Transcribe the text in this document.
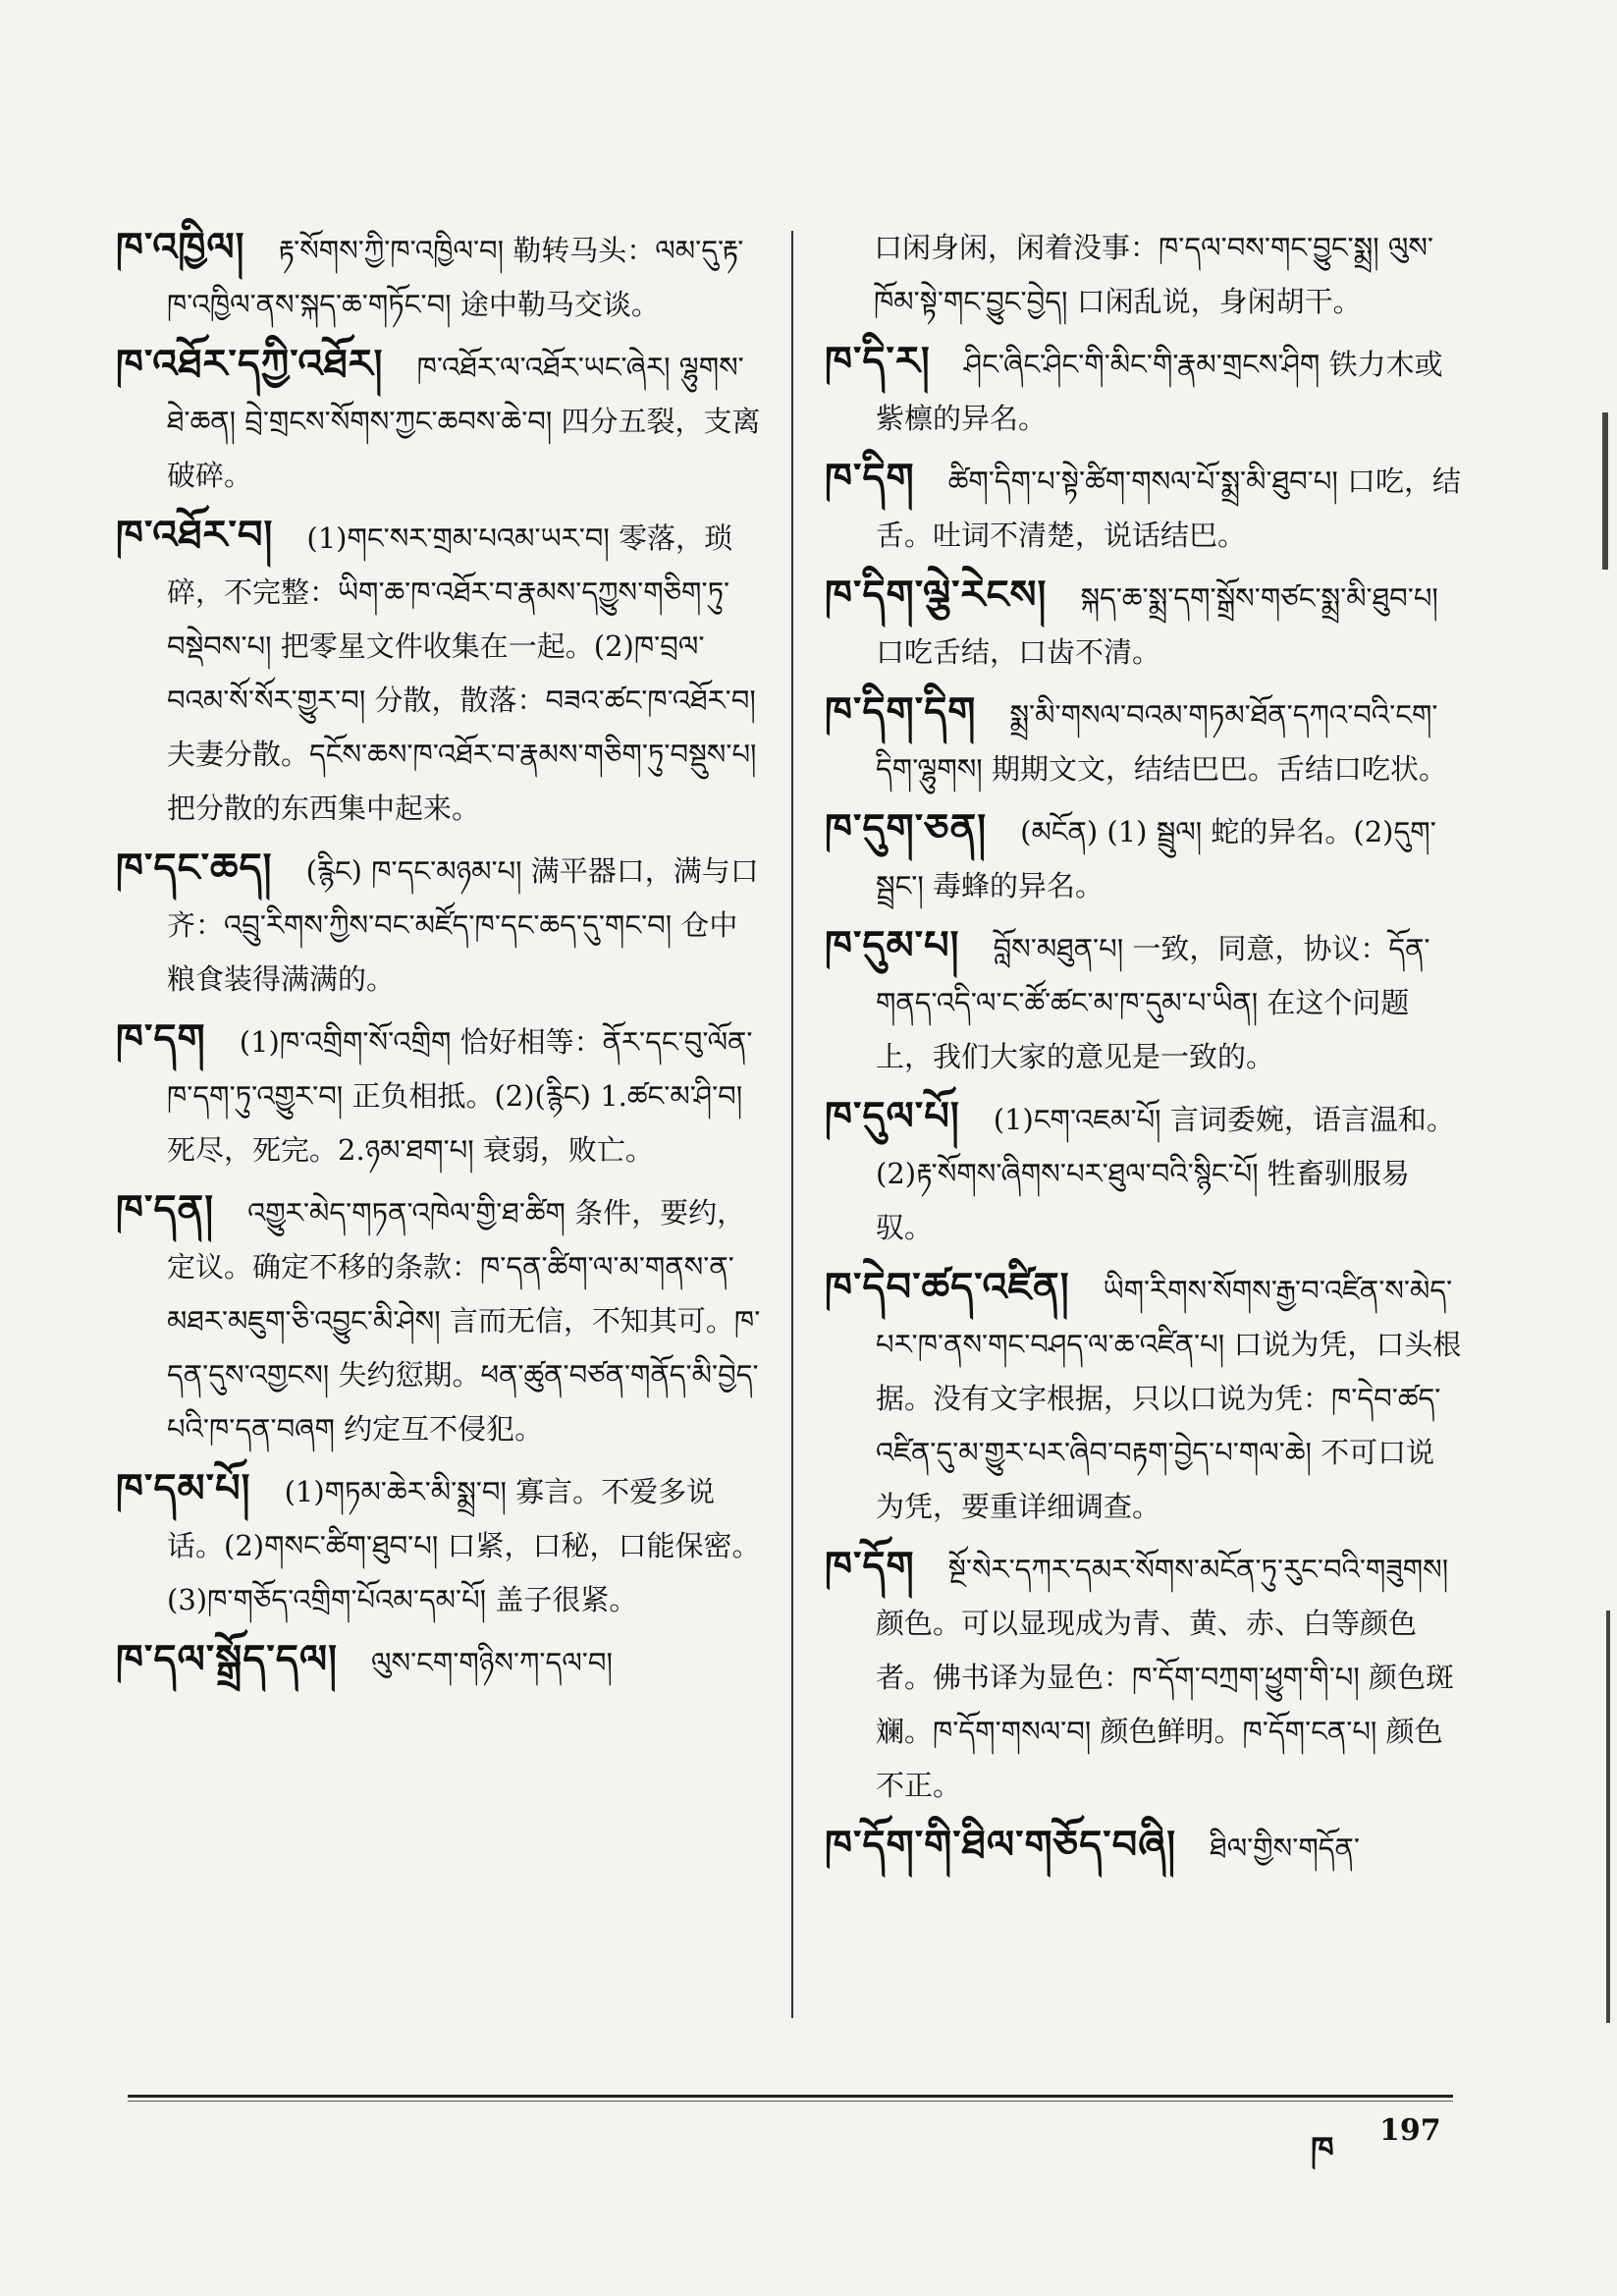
ཁ་འཁྱིལ། རྟ་སོགས་ཀྱི་ཁ་འཁྱིལ་བ། 勒转马头：ལམ་དུ་རྟ་ཁ་འཁྱིལ་ནས་སྐད་ཆ་གཏོང་བ། 途中勒马交谈。
ཁ་འཐོར་དཀྱི་འཐོར། ཁ་འཐོར་ལ་འཐོར་ཡང་ཞེར། ལྷུགས་ཐེ་ཆན། བྲེ་གྲངས་སོགས་ཀྱང་ཆབས་ཆེ་བ། 四分五裂，支离破碎。
ཁ་འཐོར་བ། (1)གང་སར་གྲམ་པའམ་ཡར་བ། 零落，琐碎，不完整：ཡིག་ཆ་ཁ་འཐོར་བ་རྣམས་དཀྱུས་གཅིག་ཏུ་བསྡེབས་པ། 把零星文件收集在一起。(2)ཁ་བྲལ་བའམ་སོ་སོར་གྱུར་བ། 分散，散落：བཟའ་ཚང་ཁ་འཐོར་བ། 夫妻分散。དངོས་ཆས་ཁ་འཐོར་བ་རྣམས་གཅིག་ཏུ་བསྡུས་པ། 把分散的东西集中起来。
ཁ་དང་ཆད། (རྙིང) ཁ་དང་མཉམ་པ། 满平器口，满与口齐：འབྲུ་རིགས་ཀྱིས་བང་མཛོད་ཁ་དང་ཆད་དུ་གང་བ། 仓中粮食装得满满的。
ཁ་དག (1)ཁ་འགྲིག་སོ་འགྲིག 恰好相等：ནོར་དང་བུ་ལོན་ཁ་དག་ཏུ་འགྱུར་བ། 正负相抵。(2)(རྙིང) 1.ཚང་མ་ཤི་བ། 死尽，死完。2.ཉམ་ཐག་པ། 衰弱，败亡。
ཁ་དན། འགྱུར་མེད་གཏན་འཁེལ་གྱི་ཐ་ཚིག 条件，要约，定议。确定不移的条款：ཁ་དན་ཚིག་ལ་མ་གནས་ན་མཐར་མཇུག་ཅི་འབྱུང་མི་ཤེས། 言而无信，不知其可。ཁ་དན་དུས་འགྱངས། 失约愆期。ཕན་ཚུན་བཙན་གནོད་མི་བྱེད་པའི་ཁ་དན་བཞག 约定互不侵犯。
ཁ་དམ་པོ། (1)གཏམ་ཆེར་མི་སྨྲ་བ། 寡言。不爱多说话。(2)གསང་ཚིག་ཐུབ་པ། 口紧，口秘，口能保密。(3)ཁ་གཅོད་འགྲིག་པོའམ་དམ་པོ། 盖子很紧。
ཁ་དལ་སྒྲོད་དལ། ལུས་ངག་གཉིས་ཀ་དལ་བ།
口闲身闲，闲着没事：ཁ་དལ་བས་གང་བྱུང་སྨྲ། ལུས་ཁོམ་སྟེ་གང་བྱུང་བྱེད། 口闲乱说，身闲胡干。
ཁ་དི་ར། ཤིང་ཞིང་ཤིང་གི་མིང་གི་རྣམ་གྲངས་ཤིག 铁力木或紫檩的异名。
ཁ་དིག ཚིག་དིག་པ་སྟེ་ཚིག་གསལ་པོ་སྨྲ་མི་ཐུབ་པ། 口吃，结舌。吐词不清楚，说话结巴。
ཁ་དིག་ལྕེ་རེངས། སྐད་ཆ་སྨྲ་དག་སྒྲོས་གཙང་སྨྲ་མི་ཐུབ་པ། 口吃舌结，口齿不清。
ཁ་དིག་དིག སྨྲ་མི་གསལ་བའམ་གཏམ་ཐོན་དཀའ་བའི་ངག་དིག་ལྷུགས། 期期文文，结结巴巴。舌结口吃状。
ཁ་དུག་ཅན། (མངོན) (1) སྦྲུལ། 蛇的异名。(2)དུག་སྦྲང་། 毒蜂的异名。
ཁ་དུམ་པ། བློས་མཐུན་པ། 一致，同意，协议：དོན་གནད་འདི་ལ་ང་ཚོ་ཚང་མ་ཁ་དུམ་པ་ཡིན། 在这个问题上，我们大家的意见是一致的。
ཁ་དུལ་པོ། (1)ངག་འཇམ་པོ། 言词委婉，语言温和。(2)རྟ་སོགས་ཞིགས་པར་ཐུལ་བའི་སྙིང་པོ། 牲畜驯服易驭。
ཁ་དེབ་ཚད་འཛིན། ཡིག་རིགས་སོགས་རྒྱ་བ་འཛིན་ས་མེད་པར་ཁ་ནས་གང་བཤད་ལ་ཆ་འཛིན་པ། 口说为凭，口头根据。没有文字根据，只以口说为凭：ཁ་དེབ་ཚད་འཛིན་དུ་མ་གྱུར་པར་ཞིབ་བརྟག་བྱེད་པ་གལ་ཆེ། 不可口说为凭，要重详细调查。
ཁ་དོག སྔོ་སེར་དཀར་དམར་སོགས་མངོན་ཏུ་རུང་བའི་གཟུགས། 颜色。可以显现成为青、黄、赤、白等颜色者。佛书译为显色：ཁ་དོག་བཀྲག་ཕྱུག་གི་པ། 颜色斑斓。ཁ་དོག་གསལ་བ། 颜色鲜明。ཁ་དོག་ངན་པ། 颜色不正。
ཁ་དོག་གི་ཐིལ་གཅོད་བཞི། ཐིལ་གྱིས་གདོན་
ཁ 197
